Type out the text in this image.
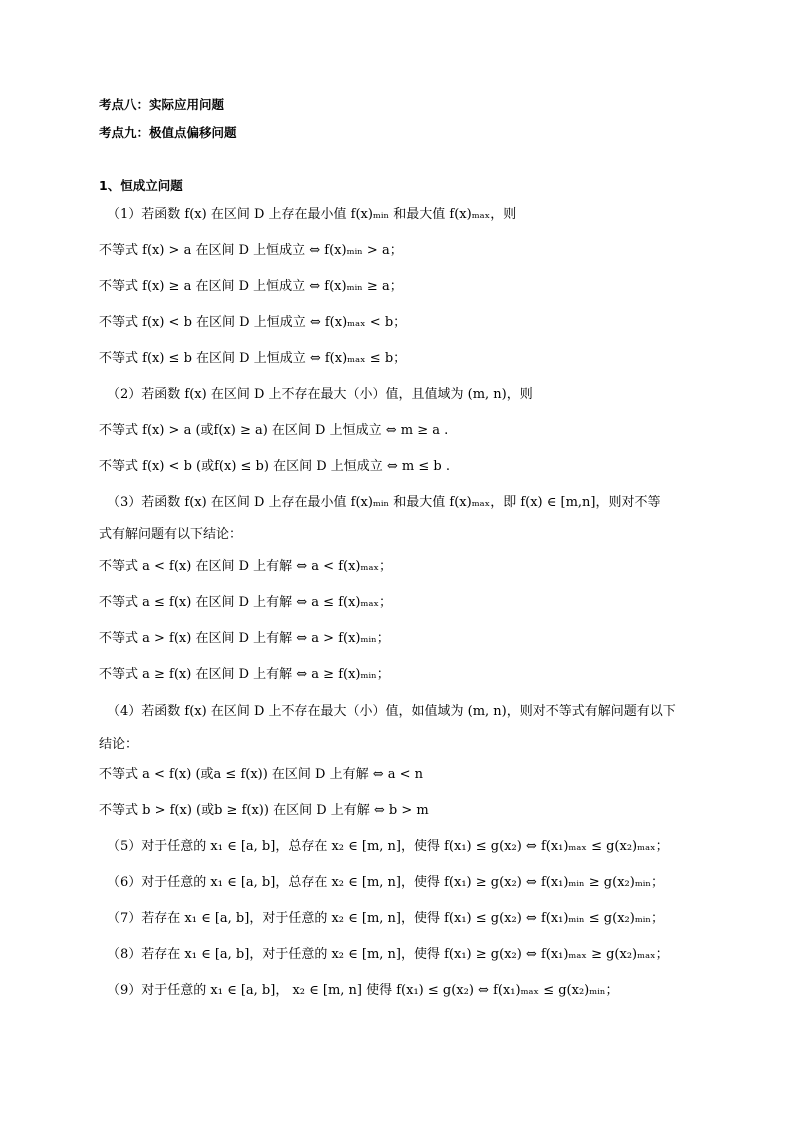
考点八：实际应用问题
考点九：极值点偏移问题
1、恒成立问题
（1）若函数 f(x) 在区间 D 上存在最小值 f(x)ₘᵢₙ 和最大值 f(x)ₘₐₓ，则
不等式 f(x) > a 在区间 D 上恒成立 ⇔ f(x)ₘᵢₙ > a；
不等式 f(x) ≥ a 在区间 D 上恒成立 ⇔ f(x)ₘᵢₙ ≥ a；
不等式 f(x) < b 在区间 D 上恒成立 ⇔ f(x)ₘₐₓ < b；
不等式 f(x) ≤ b 在区间 D 上恒成立 ⇔ f(x)ₘₐₓ ≤ b；
（2）若函数 f(x) 在区间 D 上不存在最大（小）值，且值域为 (m, n)，则
不等式 f(x) > a (或f(x) ≥ a) 在区间 D 上恒成立 ⇔ m ≥ a .
不等式 f(x) < b (或f(x) ≤ b) 在区间 D 上恒成立 ⇔ m ≤ b .
（3）若函数 f(x) 在区间 D 上存在最小值 f(x)ₘᵢₙ 和最大值 f(x)ₘₐₓ，即 f(x) ∈ [m,n]，则对不等
式有解问题有以下结论：
不等式 a < f(x) 在区间 D 上有解 ⇔ a < f(x)ₘₐₓ；
不等式 a ≤ f(x) 在区间 D 上有解 ⇔ a ≤ f(x)ₘₐₓ；
不等式 a > f(x) 在区间 D 上有解 ⇔ a > f(x)ₘᵢₙ；
不等式 a ≥ f(x) 在区间 D 上有解 ⇔ a ≥ f(x)ₘᵢₙ；
（4）若函数 f(x) 在区间 D 上不存在最大（小）值，如值域为 (m, n)，则对不等式有解问题有以下
结论：
不等式 a < f(x) (或a ≤ f(x)) 在区间 D 上有解 ⇔ a < n
不等式 b > f(x) (或b ≥ f(x)) 在区间 D 上有解 ⇔ b > m
（5）对于任意的 x₁ ∈ [a, b]，总存在 x₂ ∈ [m, n]，使得 f(x₁) ≤ g(x₂) ⇔ f(x₁)ₘₐₓ ≤ g(x₂)ₘₐₓ；
（6）对于任意的 x₁ ∈ [a, b]，总存在 x₂ ∈ [m, n]，使得 f(x₁) ≥ g(x₂) ⇔ f(x₁)ₘᵢₙ ≥ g(x₂)ₘᵢₙ；
（7）若存在 x₁ ∈ [a, b]，对于任意的 x₂ ∈ [m, n]，使得 f(x₁) ≤ g(x₂) ⇔ f(x₁)ₘᵢₙ ≤ g(x₂)ₘᵢₙ；
（8）若存在 x₁ ∈ [a, b]，对于任意的 x₂ ∈ [m, n]，使得 f(x₁) ≥ g(x₂) ⇔ f(x₁)ₘₐₓ ≥ g(x₂)ₘₐₓ；
（9）对于任意的 x₁ ∈ [a, b]， x₂ ∈ [m, n] 使得 f(x₁) ≤ g(x₂) ⇔ f(x₁)ₘₐₓ ≤ g(x₂)ₘᵢₙ；
